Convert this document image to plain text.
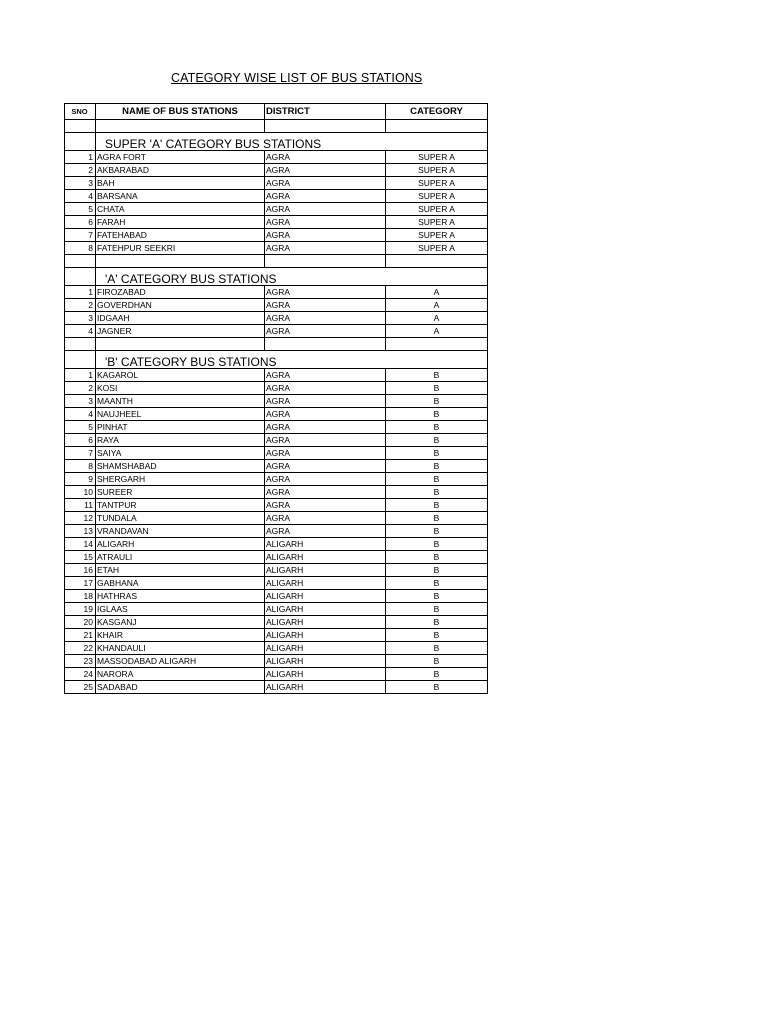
CATEGORY WISE LIST OF BUS STATIONS
SNO	NAME OF BUS STATIONS	DISTRICT	CATEGORY

	SUPER 'A' CATEGORY BUS STATIONS		
1	AGRA FORT	AGRA	SUPER A
2	AKBARABAD	AGRA	SUPER A
3	BAH	AGRA	SUPER A
4	BARSANA	AGRA	SUPER A
5	CHATA	AGRA	SUPER A
6	FARAH	AGRA	SUPER A
7	FATEHABAD	AGRA	SUPER A
8	FATEHPUR SEEKRI	AGRA	SUPER A

	'A' CATEGORY BUS STATIONS		
1	FIROZABAD	AGRA	A
2	GOVERDHAN	AGRA	A
3	IDGAAH	AGRA	A
4	JAGNER	AGRA	A

	'B' CATEGORY BUS STATIONS		
1	KAGAROL	AGRA	B
2	KOSI	AGRA	B
3	MAANTH	AGRA	B
4	NAUJHEEL	AGRA	B
5	PINHAT	AGRA	B
6	RAYA	AGRA	B
7	SAIYA	AGRA	B
8	SHAMSHABAD	AGRA	B
9	SHERGARH	AGRA	B
10	SUREER	AGRA	B
11	TANTPUR	AGRA	B
12	TUNDALA	AGRA	B
13	VRANDAVAN	AGRA	B
14	ALIGARH	ALIGARH	B
15	ATRAULI	ALIGARH	B
16	ETAH	ALIGARH	B
17	GABHANA	ALIGARH	B
18	HATHRAS	ALIGARH	B
19	IGLAAS	ALIGARH	B
20	KASGANJ	ALIGARH	B
21	KHAIR	ALIGARH	B
22	KHANDAULI	ALIGARH	B
23	MASSODABAD ALIGARH	ALIGARH	B
24	NARORA	ALIGARH	B
25	SADABAD	ALIGARH	B
